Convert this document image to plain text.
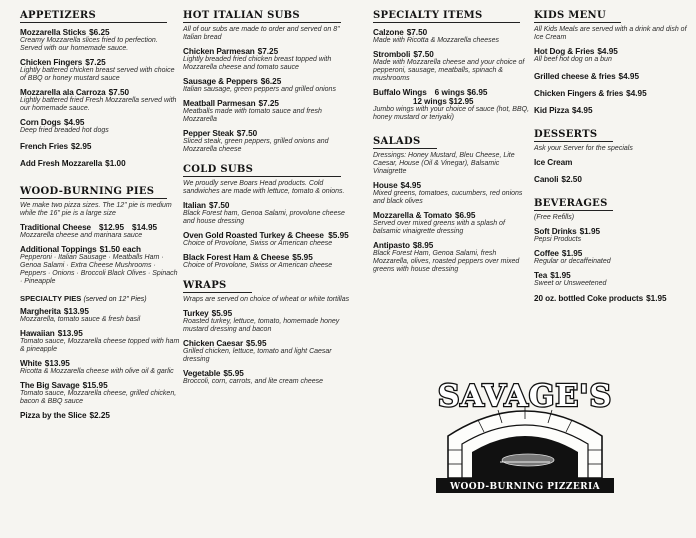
APPETIZERS
Mozzarella Sticks $6.25
Creamy Mozzarella slices fried to perfection. Served with our homemade sauce.
Chicken Fingers $7.25
Lightly battered chicken breast served with choice of BBQ or honey mustard sauce
Mozzarella ala Carroza $7.50
Lightly battered fried Fresh Mozzarella served with our homemade sauce.
Corn Dogs $4.95
Deep fried breaded hot dogs
French Fries $2.95
Add Fresh Mozzarella $1.00
WOOD-BURNING PIES
We make two pizza sizes. The 12" pie is medium while the 16" pie is a large size
Traditional Cheese $12.95 $14.95
Mozzarella cheese and marinara sauce
Additional Toppings $1.50 each
Pepperoni · Italian Sausage · Meatballs Ham · Genoa Salami · Extra Cheese Mushrooms · Peppers · Onions · Broccoli Black Olives · Spinach · Pineapple
SPECIALTY PIES (served on 12" Pies)
Margherita $13.95
Mozzarella, tomato sauce & fresh basil
Hawaiian $13.95
Tomato sauce, Mozzarella cheese topped with ham & pineapple
White $13.95
Ricotta & Mozzarella cheese with olive oil & garlic
The Big Savage $15.95
Tomato sauce, Mozzarella cheese, grilled chicken, bacon & BBQ sauce
Pizza by the Slice $2.25
HOT ITALIAN SUBS
All of our subs are made to order and served on 8" Italian bread
Chicken Parmesan $7.25
Lightly breaded fried chicken breast topped with Mozzarella cheese and tomato sauce
Sausage & Peppers $6.25
Italian sausage, green peppers and grilled onions
Meatball Parmesan $7.25
Meatballs made with tomato sauce and fresh Mozzarella
Pepper Steak $7.50
Sliced steak, green peppers, grilled onions and Mozzarella cheese
COLD SUBS
We proudly serve Boars Head products. Cold sandwiches are made with lettuce, tomato & onions.
Italian $7.50
Black Forest ham, Genoa Salami, provolone cheese and house dressing
Oven Gold Roasted Turkey & Cheese $5.95
Choice of Provolone, Swiss or American cheese
Black Forest Ham & Cheese $5.95
Choice of Provolone, Swiss or American cheese
WRAPS
Wraps are served on choice of wheat or white tortillas
Turkey $5.95
Roasted turkey, lettuce, tomato, homemade honey mustard dressing and bacon
Chicken Caesar $5.95
Grilled chicken, lettuce, tomato and light Caesar dressing
Vegetable $5.95
Broccoli, corn, carrots, and lite cream cheese
SPECIALTY ITEMS
Calzone $7.50
Made with Ricotta & Mozzarella cheeses
Stromboli $7.50
Made with Mozzarella cheese and your choice of pepperoni, sausage, meatballs, spinach & mushrooms
Buffalo Wings 6 wings $6.95
12 wings $12.95
Jumbo wings with your choice of sauce (hot, BBQ, honey mustard or teriyaki)
SALADS
Dressings: Honey Mustard, Bleu Cheese, Lite Caesar, House (Oil & Vinegar), Balsamic Vinaigrette
House $4.95
Mixed greens, tomatoes, cucumbers, red onions and black olives
Mozzarella & Tomato $6.95
Served over mixed greens with a splash of balsamic vinaigrette dressing
Antipasto $8.95
Black Forest Ham, Genoa Salami, fresh Mozzarella, olives, roasted peppers over mixed greens with house dressing
KIDS MENU
All Kids Meals are served with a drink and dish of Ice Cream
Hot Dog & Fries $4.95
All beef hot dog on a bun
Grilled cheese & fries $4.95
Chicken Fingers & fries $4.95
Kid Pizza $4.95
DESSERTS
Ask your Server for the specials
Ice Cream
Canoli $2.50
BEVERAGES
(Free Refills)
Soft Drinks $1.95
Pepsi Products
Coffee $1.95
Regular or decaffeinated
Tea $1.95
Sweet or Unsweetened
20 oz. bottled Coke products $1.95
SAVAGE'S
WOOD-BURNING PIZZERIA
